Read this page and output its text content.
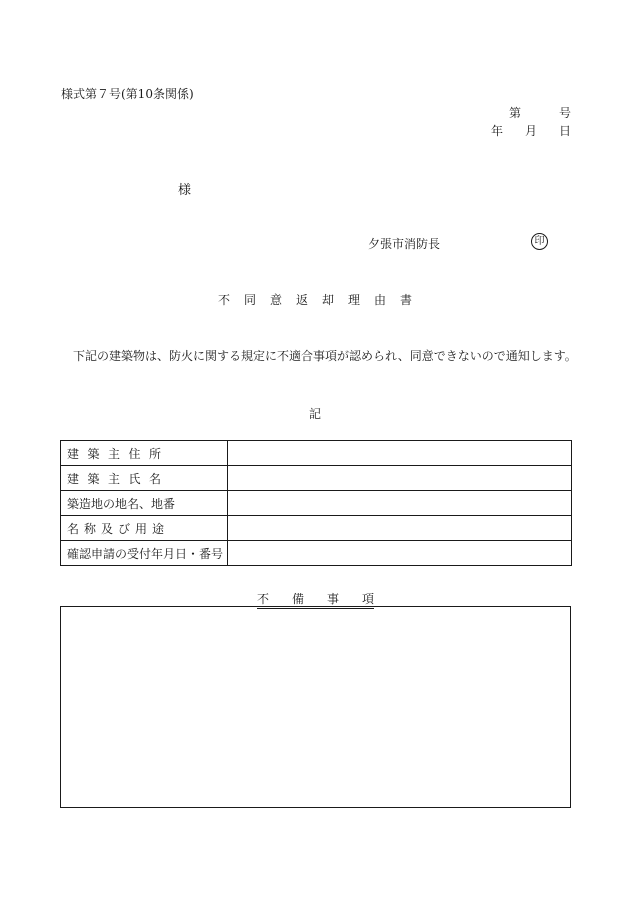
様式第７号(第10条関係)
第	号
年 月 日
様
夕張市消防長	印
不同意返却理由書
下記の建築物は、防火に関する規定に不適合事項が認められ、同意できないので通知します。
記
建築主住所	
建築主氏名	
築造地の地名、地番	
名称及び用途	
確認申請の受付年月日・番号	
不 備 事 項
